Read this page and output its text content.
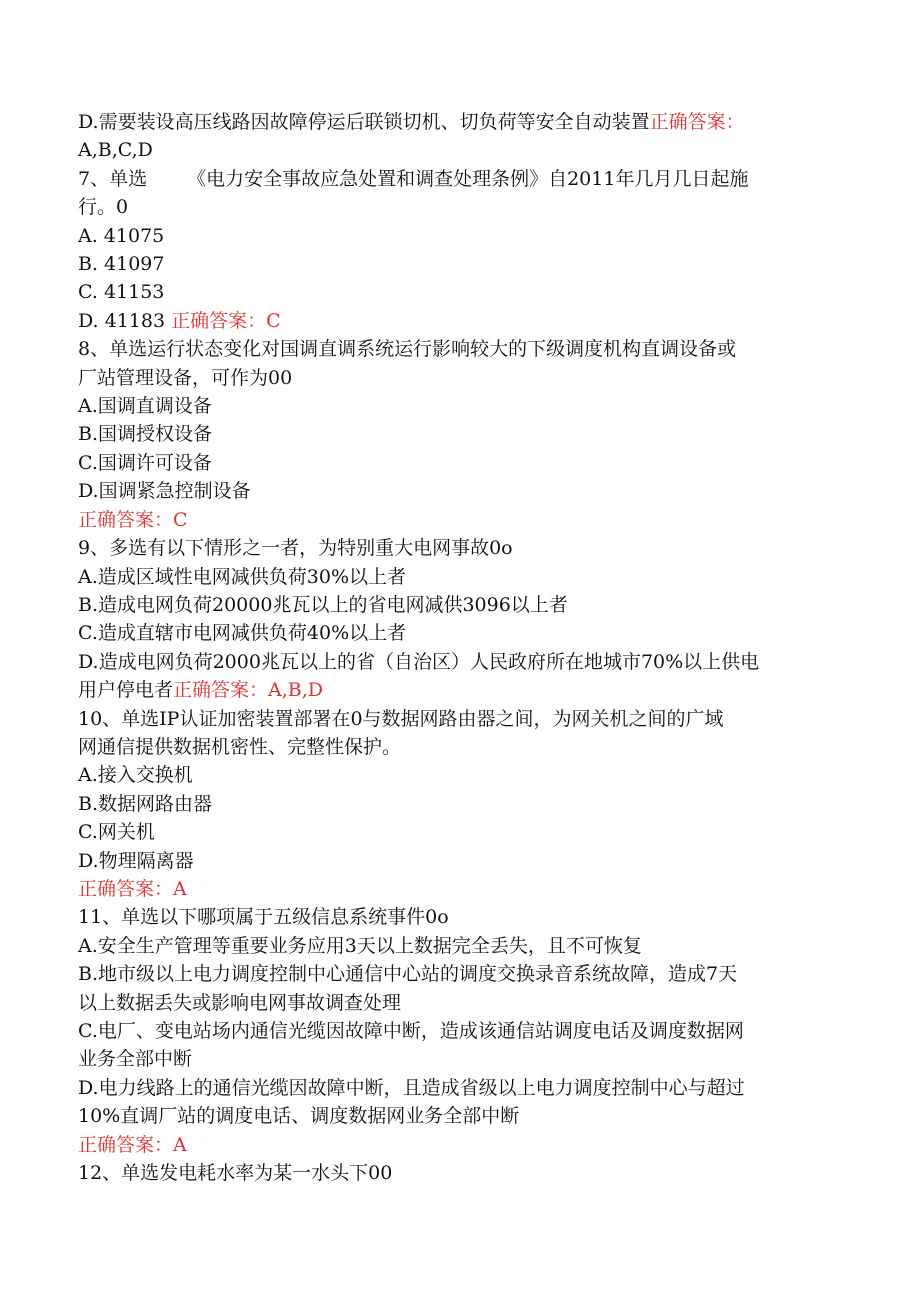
D.需要装设高压线路因故障停运后联锁切机、切负荷等安全自动装置正确答案：

A,B,C,D

7、单选 《电力安全事故应急处置和调查处理条例》自2011年几月几日起施

行。0

A. 41075

B. 41097

C. 41153

D. 41183 正确答案：C

8、单选运行状态变化对国调直调系统运行影响较大的下级调度机构直调设备或

厂站管理设备，可作为00

A.国调直调设备

B.国调授权设备

C.国调许可设备

D.国调紧急控制设备

正确答案：C

9、多选有以下情形之一者，为特别重大电网事故0o

A.造成区域性电网减供负荷30%以上者

B.造成电网负荷20000兆瓦以上的省电网减供3096以上者

C.造成直辖市电网减供负荷40%以上者

D.造成电网负荷2000兆瓦以上的省（自治区）人民政府所在地城市70%以上供电

用户停电者正确答案：A,B,D

10、单选IP认证加密装置部署在0与数据网路由器之间，为网关机之间的广域

网通信提供数据机密性、完整性保护。

A.接入交换机

B.数据网路由器

C.网关机

D.物理隔离器

正确答案：A

11、单选以下哪项属于五级信息系统事件0o

A.安全生产管理等重要业务应用3天以上数据完全丢失，且不可恢复

B.地市级以上电力调度控制中心通信中心站的调度交换录音系统故障，造成7天

以上数据丢失或影响电网事故调查处理

C.电厂、变电站场内通信光缆因故障中断，造成该通信站调度电话及调度数据网

业务全部中断

D.电力线路上的通信光缆因故障中断，且造成省级以上电力调度控制中心与超过

10%直调厂站的调度电话、调度数据网业务全部中断

正确答案：A

12、单选发电耗水率为某一水头下00
